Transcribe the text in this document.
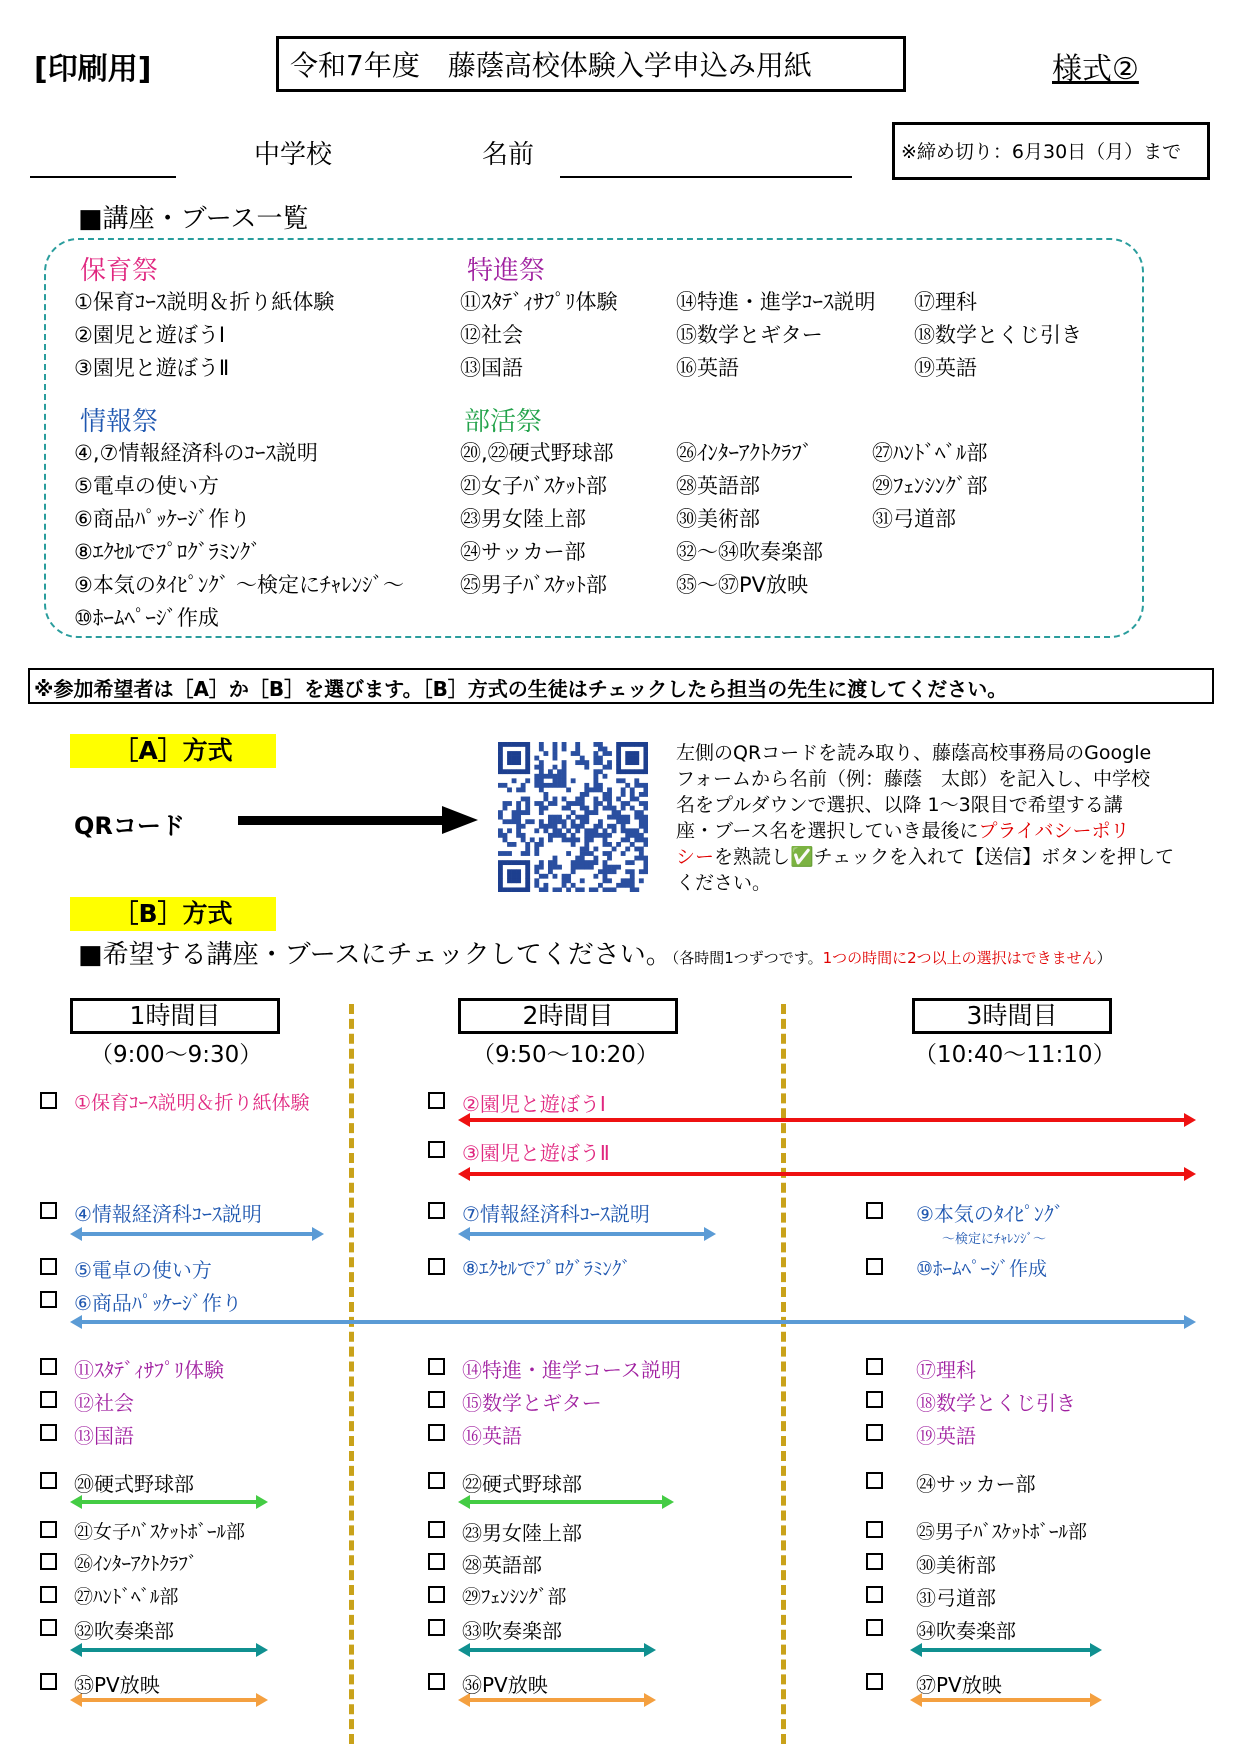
[印刷用]	令和7年度　藤蔭高校体験入学申込み用紙	様式②
中学校	名前	※締め切り：6月30日（月）まで
■講座・ブース一覧
保育祭
①保育ｺｰｽ説明＆折り紙体験
②園児と遊ぼうⅠ
③園児と遊ぼうⅡ
特進祭
⑪ｽﾀﾃﾞｨｻﾌﾟﾘ体験
⑫社会
⑬国語
⑭特進・進学ｺｰｽ説明
⑮数学とギター
⑯英語
⑰理科
⑱数学とくじ引き
⑲英語
情報祭
④,⑦情報経済科のｺｰｽ説明
⑤電卓の使い方
⑥商品ﾊﾟｯｹｰｼﾞ作り
⑧ｴｸｾﾙでﾌﾟﾛｸﾞﾗﾐﾝｸﾞ
⑨本気のﾀｲﾋﾟﾝｸﾞ ～検定にﾁｬﾚﾝｼﾞ～
⑩ﾎｰﾑﾍﾟｰｼﾞ作成
部活祭
⑳,㉒硬式野球部
㉑女子ﾊﾞｽｹｯﾄ部
㉓男女陸上部
㉔サッカー部
㉕男子ﾊﾞｽｹｯﾄ部
㉖ｲﾝﾀｰｱｸﾄｸﾗﾌﾞ
㉘英語部
㉚美術部
㉜～㉞吹奏楽部
㉟～㊲PV放映
㉗ﾊﾝﾄﾞﾍﾞﾙ部
㉙ﾌｪﾝｼﾝｸﾞ部
㉛弓道部
※参加希望者は［A］か［B］を選びます。［B］方式の生徒はチェックしたら担当の先生に渡してください。
［A］方式
QRコード
左側のQRコードを読み取り、藤蔭高校事務局のGoogle
フォームから名前（例：藤蔭　太郎）を記入し、中学校
名をプルダウンで選択、以降 1～3限目で希望する講
座・ブース名を選択していき最後にプライバシーポリ
シーを熟読し✅チェックを入れて【送信】ボタンを押して
ください。
［B］方式
■希望する講座・ブースにチェックしてください。（各時間1つずつです。1つの時間に2つ以上の選択はできません）
1時間目
（9:00～9:30）
2時間目
（9:50～10:20）
3時間目
（10:40～11:10）
①保育ｺｰｽ説明＆折り紙体験	②園児と遊ぼうⅠ
③園児と遊ぼうⅡ
④情報経済科ｺｰｽ説明	⑦情報経済科ｺｰｽ説明	⑨本気のﾀｲﾋﾟﾝｸﾞ
～検定にﾁｬﾚﾝｼﾞ～
⑤電卓の使い方	⑧ｴｸｾﾙでﾌﾟﾛｸﾞﾗﾐﾝｸﾞ	⑩ﾎｰﾑﾍﾟｰｼﾞ作成
⑥商品ﾊﾟｯｹｰｼﾞ作り
⑪ｽﾀﾃﾞｨｻﾌﾟﾘ体験	⑭特進・進学コース説明	⑰理科
⑫社会	⑮数学とギター	⑱数学とくじ引き
⑬国語	⑯英語	⑲英語
⑳硬式野球部	㉒硬式野球部	㉔サッカー部
㉑女子ﾊﾞｽｹｯﾄﾎﾞｰﾙ部	㉓男女陸上部	㉕男子ﾊﾞｽｹｯﾄﾎﾞｰﾙ部
㉖ｲﾝﾀｰｱｸﾄｸﾗﾌﾞ	㉘英語部	㉚美術部
㉗ﾊﾝﾄﾞﾍﾞﾙ部	㉙ﾌｪﾝｼﾝｸﾞ部	㉛弓道部
㉜吹奏楽部	㉝吹奏楽部	㉞吹奏楽部
㉟PV放映	㊱PV放映	㊲PV放映
